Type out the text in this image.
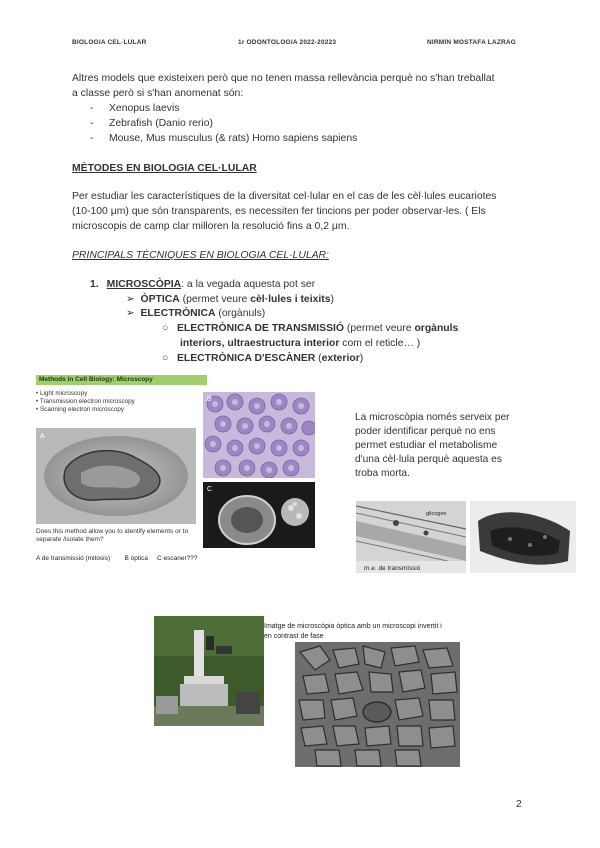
BIOLOGIA CEL·LULAR	1r ODONTOLOGIA 2022-20223	NIRMIN MOSTAFA LAZRAG
Altres models que existeixen però que no tenen massa rellevància perquè no s'han treballat
a classe però si s'han anomenat són:
- Xenopus laevis
- Zebrafish (Danio rerio)
- Mouse, Mus musculus (& rats) Homo sapiens sapiens
MÈTODES EN BIOLOGIA CEL·LULAR
Per estudiar les característiques de la diversitat cel·lular en el cas de les cèl·lules eucariotes
(10-100 μm) que són transparents, es necessiten fer tincions per poder observar-les. ( Els
microscopis de camp clar milloren la resolució fins a 0,2 μm.
PRINCIPALS TÈCNIQUES EN BIOLOGIA CEL·LULAR:
1. MICROSCÒPIA: a la vegada aquesta pot ser
➢ ÒPTICA (permet veure cèl·lules i teixits)
➢ ELECTRÒNICA (orgànuls)
○ ELECTRÒNICA DE TRANSMISSIÓ (permet veure orgànuls
interiors, ultraestructura interior com el reticle… )
○ ELECTRÒNICA D'ESCÀNER (exterior)
Methods in Cell Biology: Microscopy
• Light microscopy
• Transmission electron microscopy
• Scanning electron microscopy
A
B
C
Does this method allow you to identify elements or to separate /isolate them?
A de transmissió (mitosis)        B òptica     C escaner???
La microscòpia només serveix per
poder identificar perquè no ens
permet estudiar el metabolisme
d'una cèl·lula perquè aquesta es
troba morta.
glicogen
m.e. de transmissió
Imatge de microscòpia òptica amb un microscopi invertit i
en contrast de fase
2
